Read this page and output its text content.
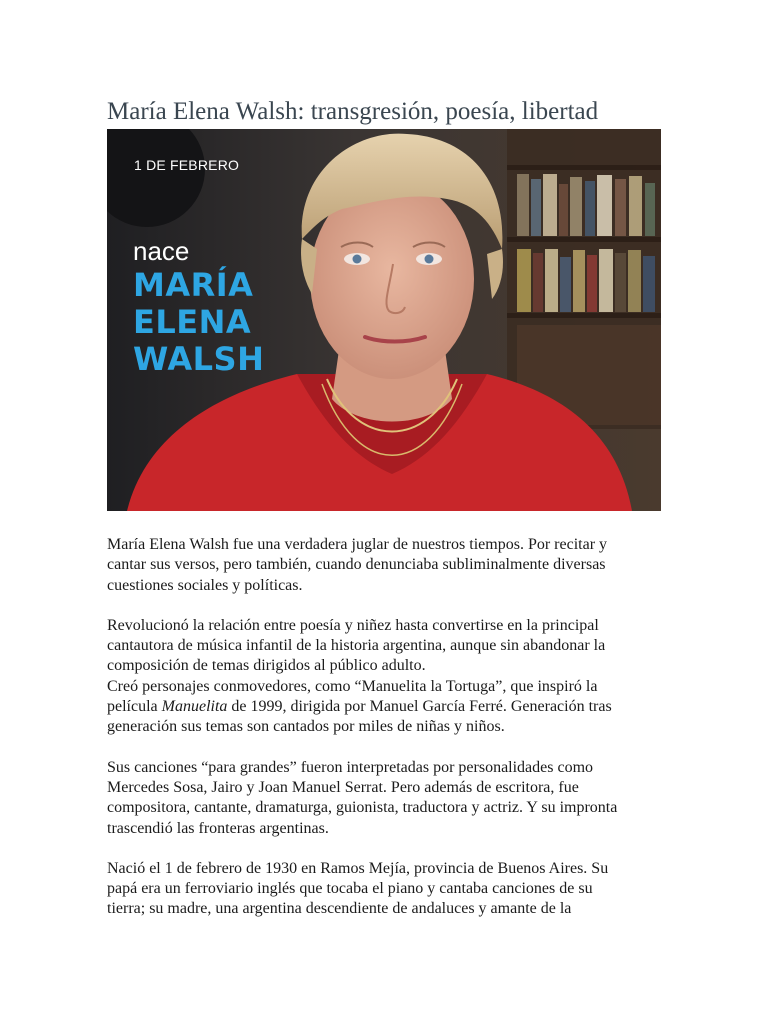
María Elena Walsh: transgresión, poesía, libertad
1 DE FEBRERO
nace
MARÍA
ELENA
WALSH

María Elena Walsh fue una verdadera juglar de nuestros tiempos. Por recitar y
cantar sus versos, pero también, cuando denunciaba subliminalmente diversas
cuestiones sociales y políticas.

Revolucionó la relación entre poesía y niñez hasta convertirse en la principal
cantautora de música infantil de la historia argentina, aunque sin abandonar la
composición de temas dirigidos al público adulto.

Creó personajes conmovedores, como “Manuelita la Tortuga”, que inspiró la
película Manuelita de 1999, dirigida por Manuel García Ferré. Generación tras
generación sus temas son cantados por miles de niñas y niños.

Sus canciones “para grandes” fueron interpretadas por personalidades como
Mercedes Sosa, Jairo y Joan Manuel Serrat. Pero además de escritora, fue
compositora, cantante, dramaturga, guionista, traductora y actriz. Y su impronta
trascendió las fronteras argentinas.

Nació el 1 de febrero de 1930 en Ramos Mejía, provincia de Buenos Aires. Su
papá era un ferroviario inglés que tocaba el piano y cantaba canciones de su
tierra; su madre, una argentina descendiente de andaluces y amante de la
